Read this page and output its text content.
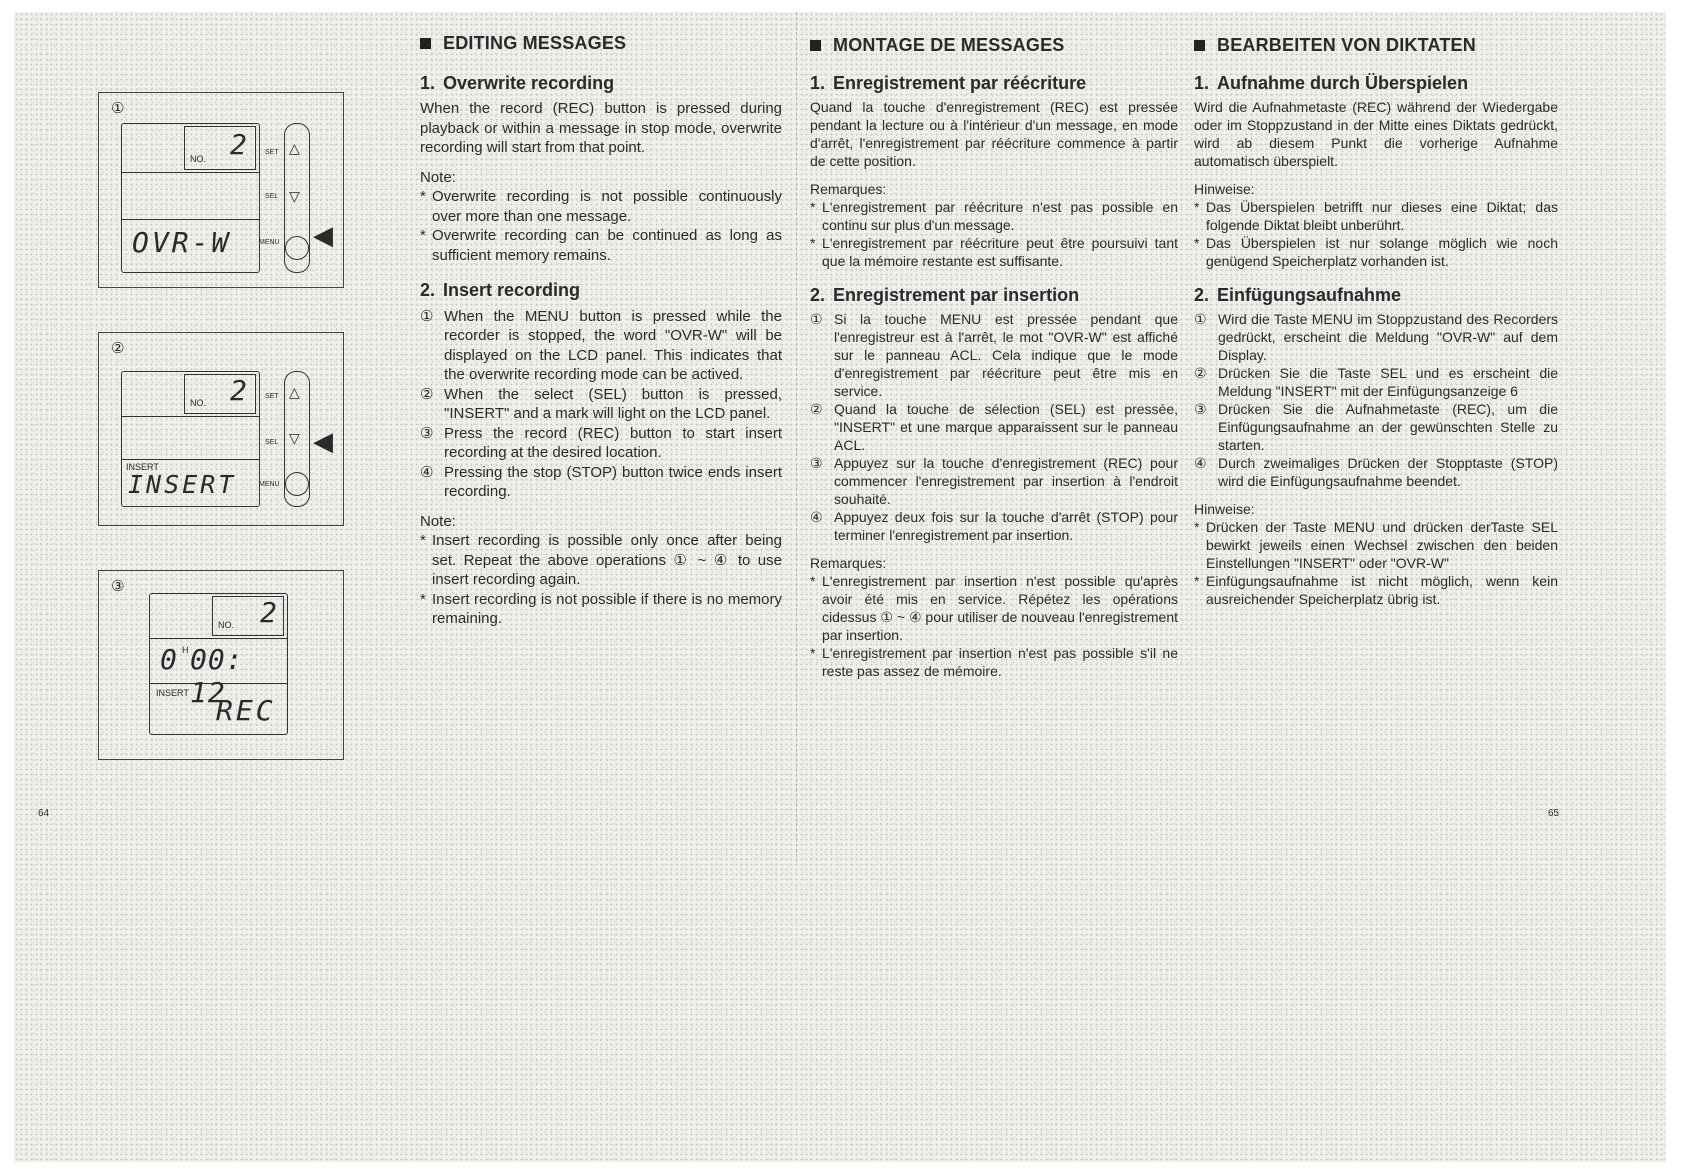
①
NO. 2
OVR-W
SET
SEL
MENU
△
▽
◀
②
NO. 2
INSERT
INSERT
SET
SEL
MENU
△
▽ ◀
③
NO. 2
0 H 00: 12
INSERT
REC
64	65
EDITING MESSAGES
1. Overwrite recording

When the record (REC) button is pressed during playback or within a message in stop mode, overwrite recording will start from that point.

Note:

* Overwrite recording is not possible continuously over more than one message.
* Overwrite recording can be continued as long as sufficient memory remains.
2. Insert recording
① When the MENU button is pressed while the recorder is stopped, the word "OVR-W" will be displayed on the LCD panel. This indicates that the overwrite recording mode can be actived.
② When the select (SEL) button is pressed, "INSERT" and a mark will light on the LCD panel.
③ Press the record (REC) button to start insert recording at the desired location.
④ Pressing the stop (STOP) button twice ends insert recording.

Note:

* Insert recording is possible only once after being set. Repeat the above operations ① ~ ④ to use insert recording again.
* Insert recording is not possible if there is no memory remaining.
MONTAGE DE MESSAGES
1. Enregistrement par réécriture

Quand la touche d'enregistrement (REC) est pressée pendant la lecture ou à l'intérieur d'un message, en mode d'arrêt, l'enregistrement par réécriture commence à partir de cette position.

Remarques:

* L'enregistrement par réécriture n'est pas possible en continu sur plus d'un message.
* L'enregistrement par réécriture peut être poursuivi tant que la mémoire restante est suffisante.
2. Enregistrement par insertion
① Si la touche MENU est pressée pendant que l'enregistreur est à l'arrêt, le mot "OVR-W" est affiché sur le panneau ACL. Cela indique que le mode d'enregistrement par réécriture peut être mis en service.
② Quand la touche de sélection (SEL) est pressée, "INSERT" et une marque apparaissent sur le panneau ACL.
③ Appuyez sur la touche d'enregistrement (REC) pour commencer l'enregistrement par insertion à l'endroit souhaité.
④ Appuyez deux fois sur la touche d'arrêt (STOP) pour terminer l'enregistrement par insertion.

Remarques:

* L'enregistrement par insertion n'est possible qu'après avoir été mis en service. Répétez les opérations cidessus ① ~ ④ pour utiliser de nouveau l'enregistrement par insertion.
* L'enregistrement par insertion n'est pas possible s'il ne reste pas assez de mémoire.
BEARBEITEN VON DIKTATEN
1. Aufnahme durch Überspielen

Wird die Aufnahmetaste (REC) während der Wiedergabe oder im Stoppzustand in der Mitte eines Diktats gedrückt, wird ab diesem Punkt die vorherige Aufnahme automatisch überspielt.

Hinweise:

* Das Überspielen betrifft nur dieses eine Diktat; das folgende Diktat bleibt unberührt.
* Das Überspielen ist nur solange möglich wie noch genügend Speicherplatz vorhanden ist.
2. Einfügungsaufnahme
① Wird die Taste MENU im Stoppzustand des Recorders gedrückt, erscheint die Meldung "OVR-W" auf dem Display.
② Drücken Sie die Taste SEL und es erscheint die Meldung "INSERT" mit der Einfügungsanzeige 6
③ Drücken Sie die Aufnahmetaste (REC), um die Einfügungsaufnahme an der gewünschten Stelle zu starten.
④ Durch zweimaliges Drücken der Stopptaste (STOP) wird die Einfügungsaufnahme beendet.

Hinweise:

* Drücken der Taste MENU und drücken derTaste SEL bewirkt jeweils einen Wechsel zwischen den beiden Einstellungen "INSERT" oder "OVR-W"
* Einfügungsaufnahme ist nicht möglich, wenn kein ausreichender Speicherplatz übrig ist.
